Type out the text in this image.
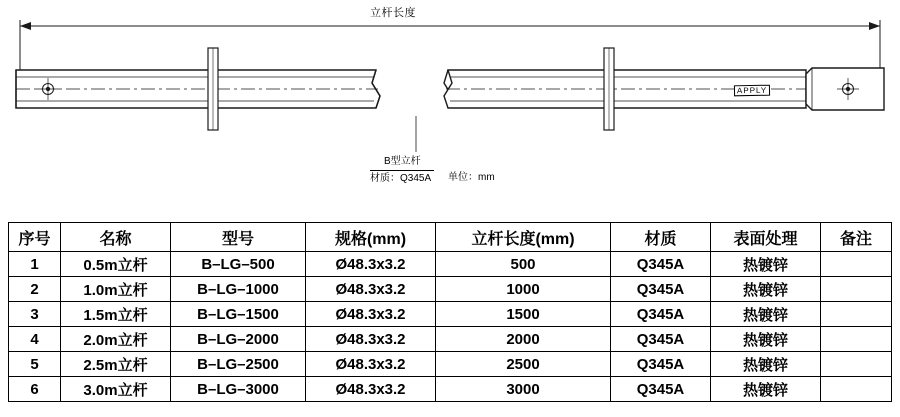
立杆长度
APPLY
B型立杆
材质：Q345A 单位：mm
序号	名称	型号	规格(mm)	立杆长度(mm)	材质	表面处理	备注
1	0.5m立杆	B–LG–500	Ø48.3x3.2	500	Q345A	热镀锌	
2	1.0m立杆	B–LG–1000	Ø48.3x3.2	1000	Q345A	热镀锌	
3	1.5m立杆	B–LG–1500	Ø48.3x3.2	1500	Q345A	热镀锌	
4	2.0m立杆	B–LG–2000	Ø48.3x3.2	2000	Q345A	热镀锌	
5	2.5m立杆	B–LG–2500	Ø48.3x3.2	2500	Q345A	热镀锌	
6	3.0m立杆	B–LG–3000	Ø48.3x3.2	3000	Q345A	热镀锌	
